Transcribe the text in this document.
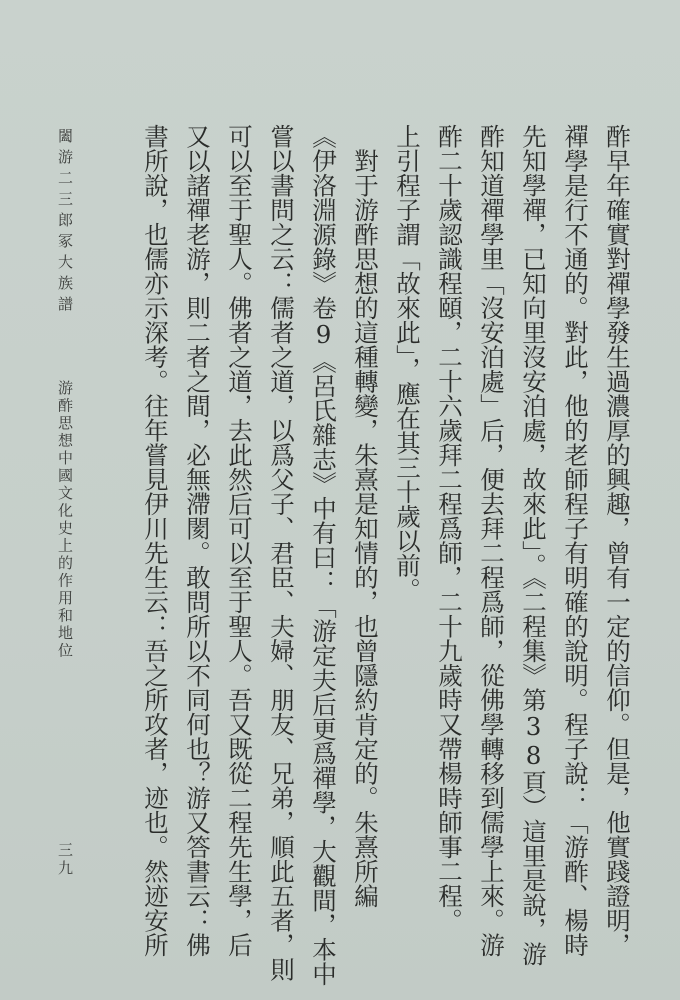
酢早年確實對禪學發生過濃厚的興趣，曾有一定的信仰。但是，他實踐證明，
禪學是行不通的。對此，他的老師程子有明確的說明。程子說：「游酢、楊時
先知學禪，已知向里沒安泊處，故來此」。《二程集》第38頁）這里是說，游
酢知道禪學里「沒安泊處」后，便去拜二程爲師，從佛學轉移到儒學上來。游
酢二十歲認識程頤，二十六歲拜二程爲師，二十九歲時又帶楊時師事二程。
上引程子謂「故來此」，應在其三十歲以前。
　對于游酢思想的這種轉變，朱熹是知情的，也曾隱約肯定的。朱熹所編
《伊洛淵源錄》卷9《呂氏雜志》中有曰：「游定夫后更爲禪學，大觀間，本中
嘗以書問之云：儒者之道，以爲父子、君臣、夫婦、朋友、兄弟，順此五者，則
可以至于聖人。佛者之道，去此然后可以至于聖人。吾又既從二程先生學，后
又以諸禪老游，則二者之間，必無滯閡。敢問所以不同何也？游又答書云：佛
書所說，也儒亦示深考。往年嘗見伊川先生云：吾之所攻者，迹也。然迹安所
闔游二三郎冢大族譜
游酢思想中國文化史上的作用和地位
三九
